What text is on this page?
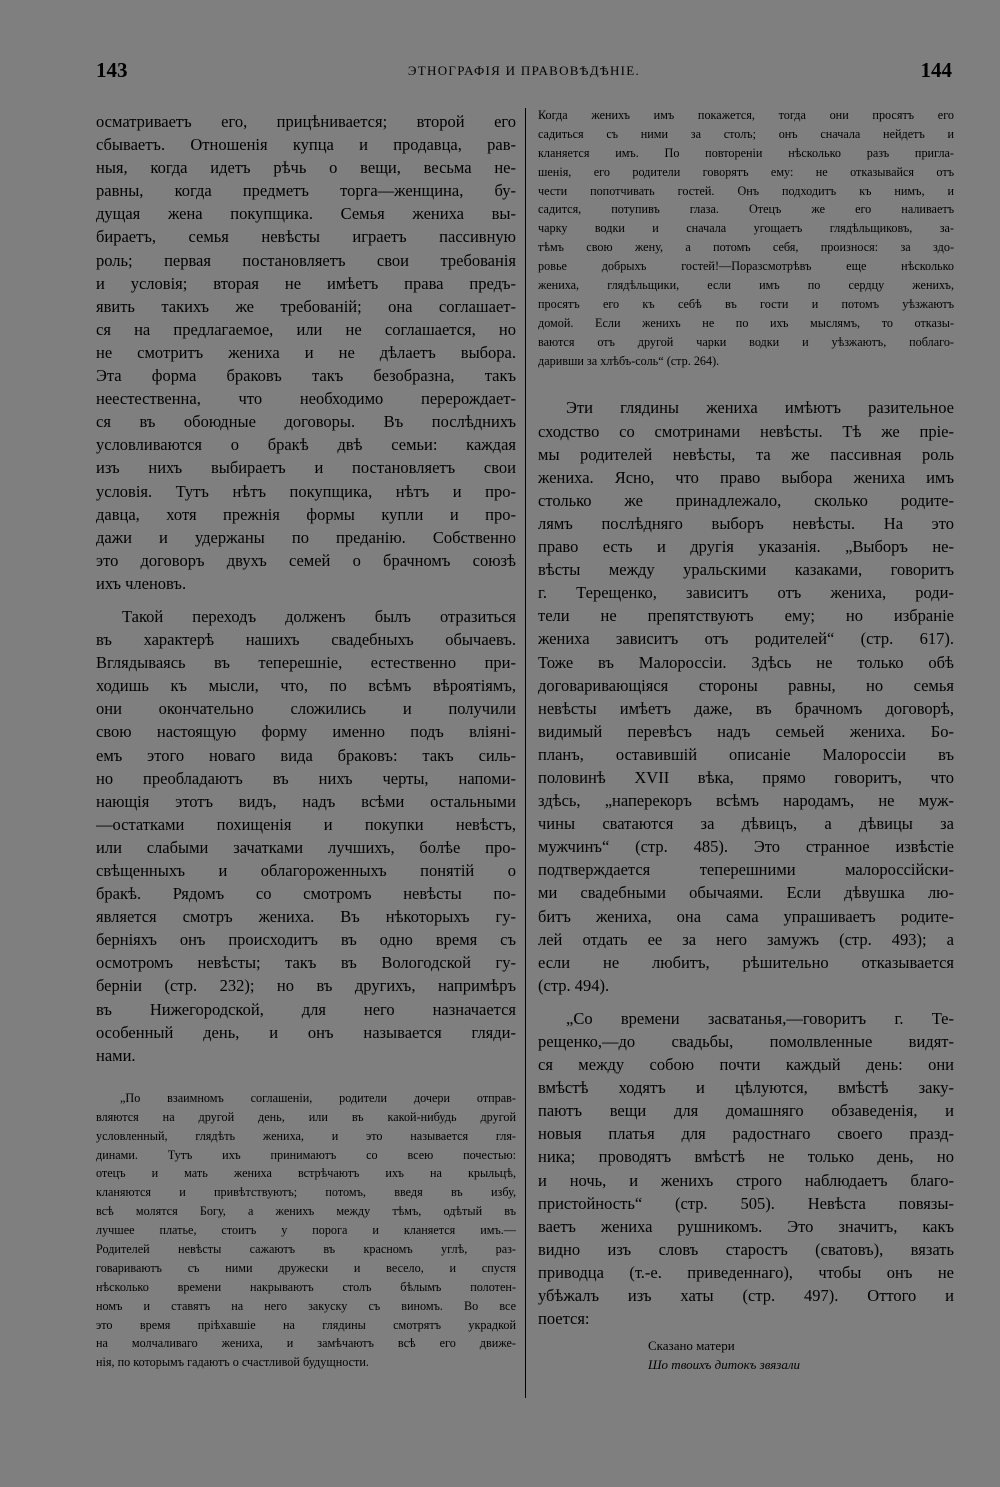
143	ЭТНОГРАФІЯ И ПРАВОВѢДѢНІЕ.	144
осматриваетъ его, прицѣнивается; второй его
сбываетъ. Отношенія купца и продавца, рав-
ныя, когда идетъ рѣчь о вещи, весьма не-
равны, когда предметъ торга—женщина, бу-
дущая жена покупщика. Семья жениха вы-
бираетъ, семья невѣсты играетъ пассивную
роль; первая постановляетъ свои требованія
и условія; вторая не имѣетъ права предъ-
явить такихъ же требованій; она соглашает-
ся на предлагаемое, или не соглашается, но
не смотритъ жениха и не дѣлаетъ выбора.
Эта форма браковъ такъ безобразна, такъ
неестественна, что необходимо перерождает-
ся въ обоюдные договоры. Въ послѣднихъ
условливаются о бракѣ двѣ семьи: каждая
изъ нихъ выбираетъ и постановляетъ свои
условія. Тутъ нѣтъ покупщика, нѣтъ и про-
давца, хотя прежнія формы купли и про-
дажи и удержаны по преданію. Собственно
это договоръ двухъ семей о брачномъ союзѣ
ихъ членовъ.
Такой переходъ долженъ былъ отразиться
въ характерѣ нашихъ свадебныхъ обычаевъ.
Вглядываясь въ теперешніе, естественно при-
ходишь къ мысли, что, по всѣмъ вѣроятіямъ,
они окончательно сложились и получили
свою настоящую форму именно подъ вліяні-
емъ этого новаго вида браковъ: такъ силь-
но преобладаютъ въ нихъ черты, напоми-
нающія этотъ видъ, надъ всѣми остальными
—остатками похищенія и покупки невѣстъ,
или слабыми зачатками лучшихъ, болѣе про-
свѣщенныхъ и облагороженныхъ понятій о
бракѣ. Рядомъ со смотромъ невѣсты по-
является смотръ жениха. Въ нѣкоторыхъ гу-
берніяхъ онъ происходитъ въ одно время съ
осмотромъ невѣсты; такъ въ Вологодской гу-
берніи (стр. 232); но въ другихъ, напримѣръ
въ Нижегородской, для него назначается
особенный день, и онъ называется гляди-
нами.
„По взаимномъ соглашеніи, родители дочери отправ-
вляются на другой день, или въ какой-нибудь другой
условленный, глядѣть жениха, и это называется гля-
динами. Тутъ ихъ принимаютъ со всею почестью:
отецъ и мать жениха встрѣчаютъ ихъ на крыльцѣ,
кланяются и привѣтствуютъ; потомъ, введя въ избу,
всѣ молятся Богу, а женихъ между тѣмъ, одѣтый въ
лучшее платье, стоитъ у порога и кланяется имъ.—
Родителей невѣсты сажаютъ въ красномъ углѣ, раз-
говариваютъ съ ними дружески и весело, и спустя
нѣсколько времени накрываютъ столъ бѣлымъ полотен-
номъ и ставятъ на него закуску съ виномъ. Во все
это время пріѣхавшіе на глядины смотрятъ украдкой
на молчаливаго жениха, и замѣчаютъ всѣ его движе-
нія, по которымъ гадаютъ о счастливой будущности.
Когда женихъ имъ покажется, тогда они просятъ его
садиться съ ними за столъ; онъ сначала нейдетъ и
кланяется имъ. По повтореніи нѣсколько разъ пригла-
шенія, его родители говорятъ ему: не отказывайся отъ
чести попотчивать гостей. Онъ подходитъ къ нимъ, и
садится, потупивъ глаза. Отецъ же его наливаетъ
чарку водки и сначала угощаетъ глядѣльщиковъ, за-
тѣмъ свою жену, а потомъ себя, произнося: за здо-
ровье добрыхъ гостей!—Поразсмотрѣвъ еще нѣсколько
жениха, глядѣльщики, если имъ по сердцу женихъ,
просятъ его къ себѣ въ гости и потомъ уѣзжаютъ
домой. Если женихъ не по ихъ мыслямъ, то отказы-
ваются отъ другой чарки водки и уѣзжаютъ, поблаго-
даривши за хлѣбъ-соль“ (стр. 264).
Эти глядины жениха имѣютъ разительное
сходство со смотринами невѣсты. Тѣ же пріе-
мы родителей невѣсты, та же пассивная роль
жениха. Ясно, что право выбора жениха имъ
столько же принадлежало, сколько родите-
лямъ послѣдняго выборъ невѣсты. На это
право есть и другія указанія. „Выборъ не-
вѣсты между уральскими казаками, говоритъ
г. Терещенко, зависитъ отъ жениха, роди-
тели не препятствуютъ ему; но избраніе
жениха зависитъ отъ родителей“ (стр. 617).
Тоже въ Малороссіи. Здѣсь не только обѣ
договаривающіяся стороны равны, но семья
невѣсты имѣетъ даже, въ брачномъ договорѣ,
видимый перевѣсъ надъ семьей жениха. Бо-
планъ, оставившій описаніе Малороссіи въ
половинѣ XVII вѣка, прямо говоритъ, что
здѣсь, „наперекоръ всѣмъ народамъ, не муж-
чины сватаются за дѣвицъ, а дѣвицы за
мужчинъ“ (стр. 485). Это странное извѣстіе
подтверждается теперешними малороссійски-
ми свадебными обычаями. Если дѣвушка лю-
битъ жениха, она сама упрашиваетъ родите-
лей отдать ее за него замужъ (стр. 493); а
если не любитъ, рѣшительно отказывается
(стр. 494).
„Со времени засватанья,—говоритъ г. Те-
рещенко,—до свадьбы, помолвленные видят-
ся между собою почти каждый день: они
вмѣстѣ ходятъ и цѣлуются, вмѣстѣ заку-
паютъ вещи для домашняго обзаведенія, и
новыя платья для радостнаго своего празд-
ника; проводятъ вмѣстѣ не только день, но
и ночь, и женихъ строго наблюдаетъ благо-
пристойность“ (стр. 505). Невѣста повязы-
ваетъ жениха рушникомъ. Это значитъ, какъ
видно изъ словъ старостъ (сватовъ), вязать
приводца (т.-е. приведеннаго), чтобы онъ не
убѣжалъ изъ хаты (стр. 497). Оттого и
поется:
Сказано матери
Шо твоихъ дитокъ звязали
